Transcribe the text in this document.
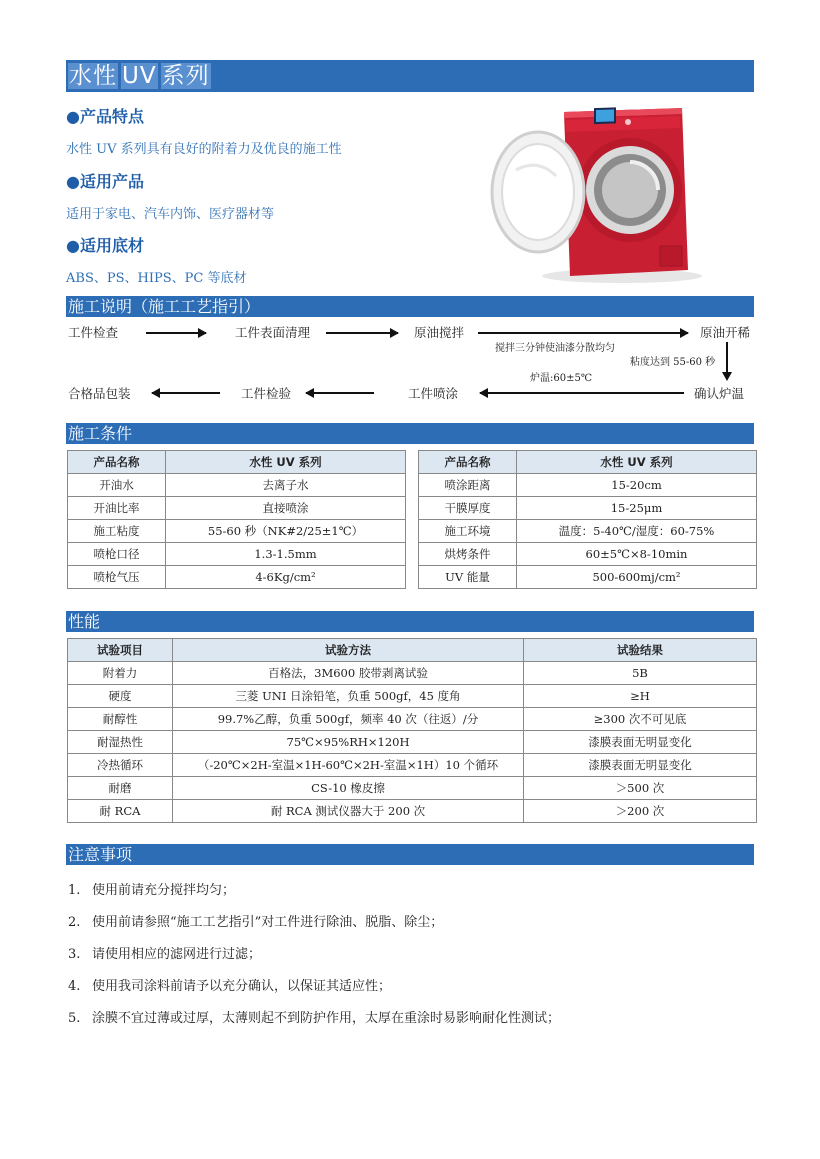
水性 UV 系列
●产品特点
水性 UV 系列具有良好的附着力及优良的施工性
●适用产品
适用于家电、汽车内饰、医疗器材等
●适用底材
ABS、PS、HIPS、PC 等底材
施工说明（施工工艺指引）
工件检查	工件表面清理	原油搅拌	原油开稀
搅拌三分钟使油漆分散均匀
粘度达到 55-60 秒
炉温:60±5℃
确认炉温
工件喷涂
工件检验
合格品包装
施工条件
产品名称	水性 UV 系列
开油水	去离子水
开油比率	直接喷涂
施工粘度	55-60 秒（NK#2/25±1℃）
喷枪口径	1.3-1.5mm
喷枪气压	4-6Kg/cm²
产品名称	水性 UV 系列
喷涂距离	15-20cm
干膜厚度	15-25μm
施工环境	温度：5-40℃/湿度：60-75%
烘烤条件	60±5℃×8-10min
UV 能量	500-600mj/cm²
性能
试验项目	试验方法	试验结果
附着力	百格法，3M600 胶带剥离试验	5B
硬度	三菱 UNI 日涂铅笔，负重 500gf，45 度角	≥H
耐醇性	99.7%乙醇，负重 500gf，频率 40 次（往返）/分	≥300 次不可见底
耐湿热性	75℃×95%RH×120H	漆膜表面无明显变化
冷热循环	（-20℃×2H-室温×1H-60℃×2H-室温×1H）10 个循环	漆膜表面无明显变化
耐磨	CS-10 橡皮擦	＞500 次
耐 RCA	耐 RCA 测试仪器大于 200 次	＞200 次
注意事项
1. 使用前请充分搅拌均匀；
2. 使用前请参照“施工工艺指引”对工件进行除油、脱脂、除尘；
3. 请使用相应的滤网进行过滤；
4. 使用我司涂料前请予以充分确认，以保证其适应性；
5. 涂膜不宜过薄或过厚，太薄则起不到防护作用，太厚在重涂时易影响耐化性测试；
